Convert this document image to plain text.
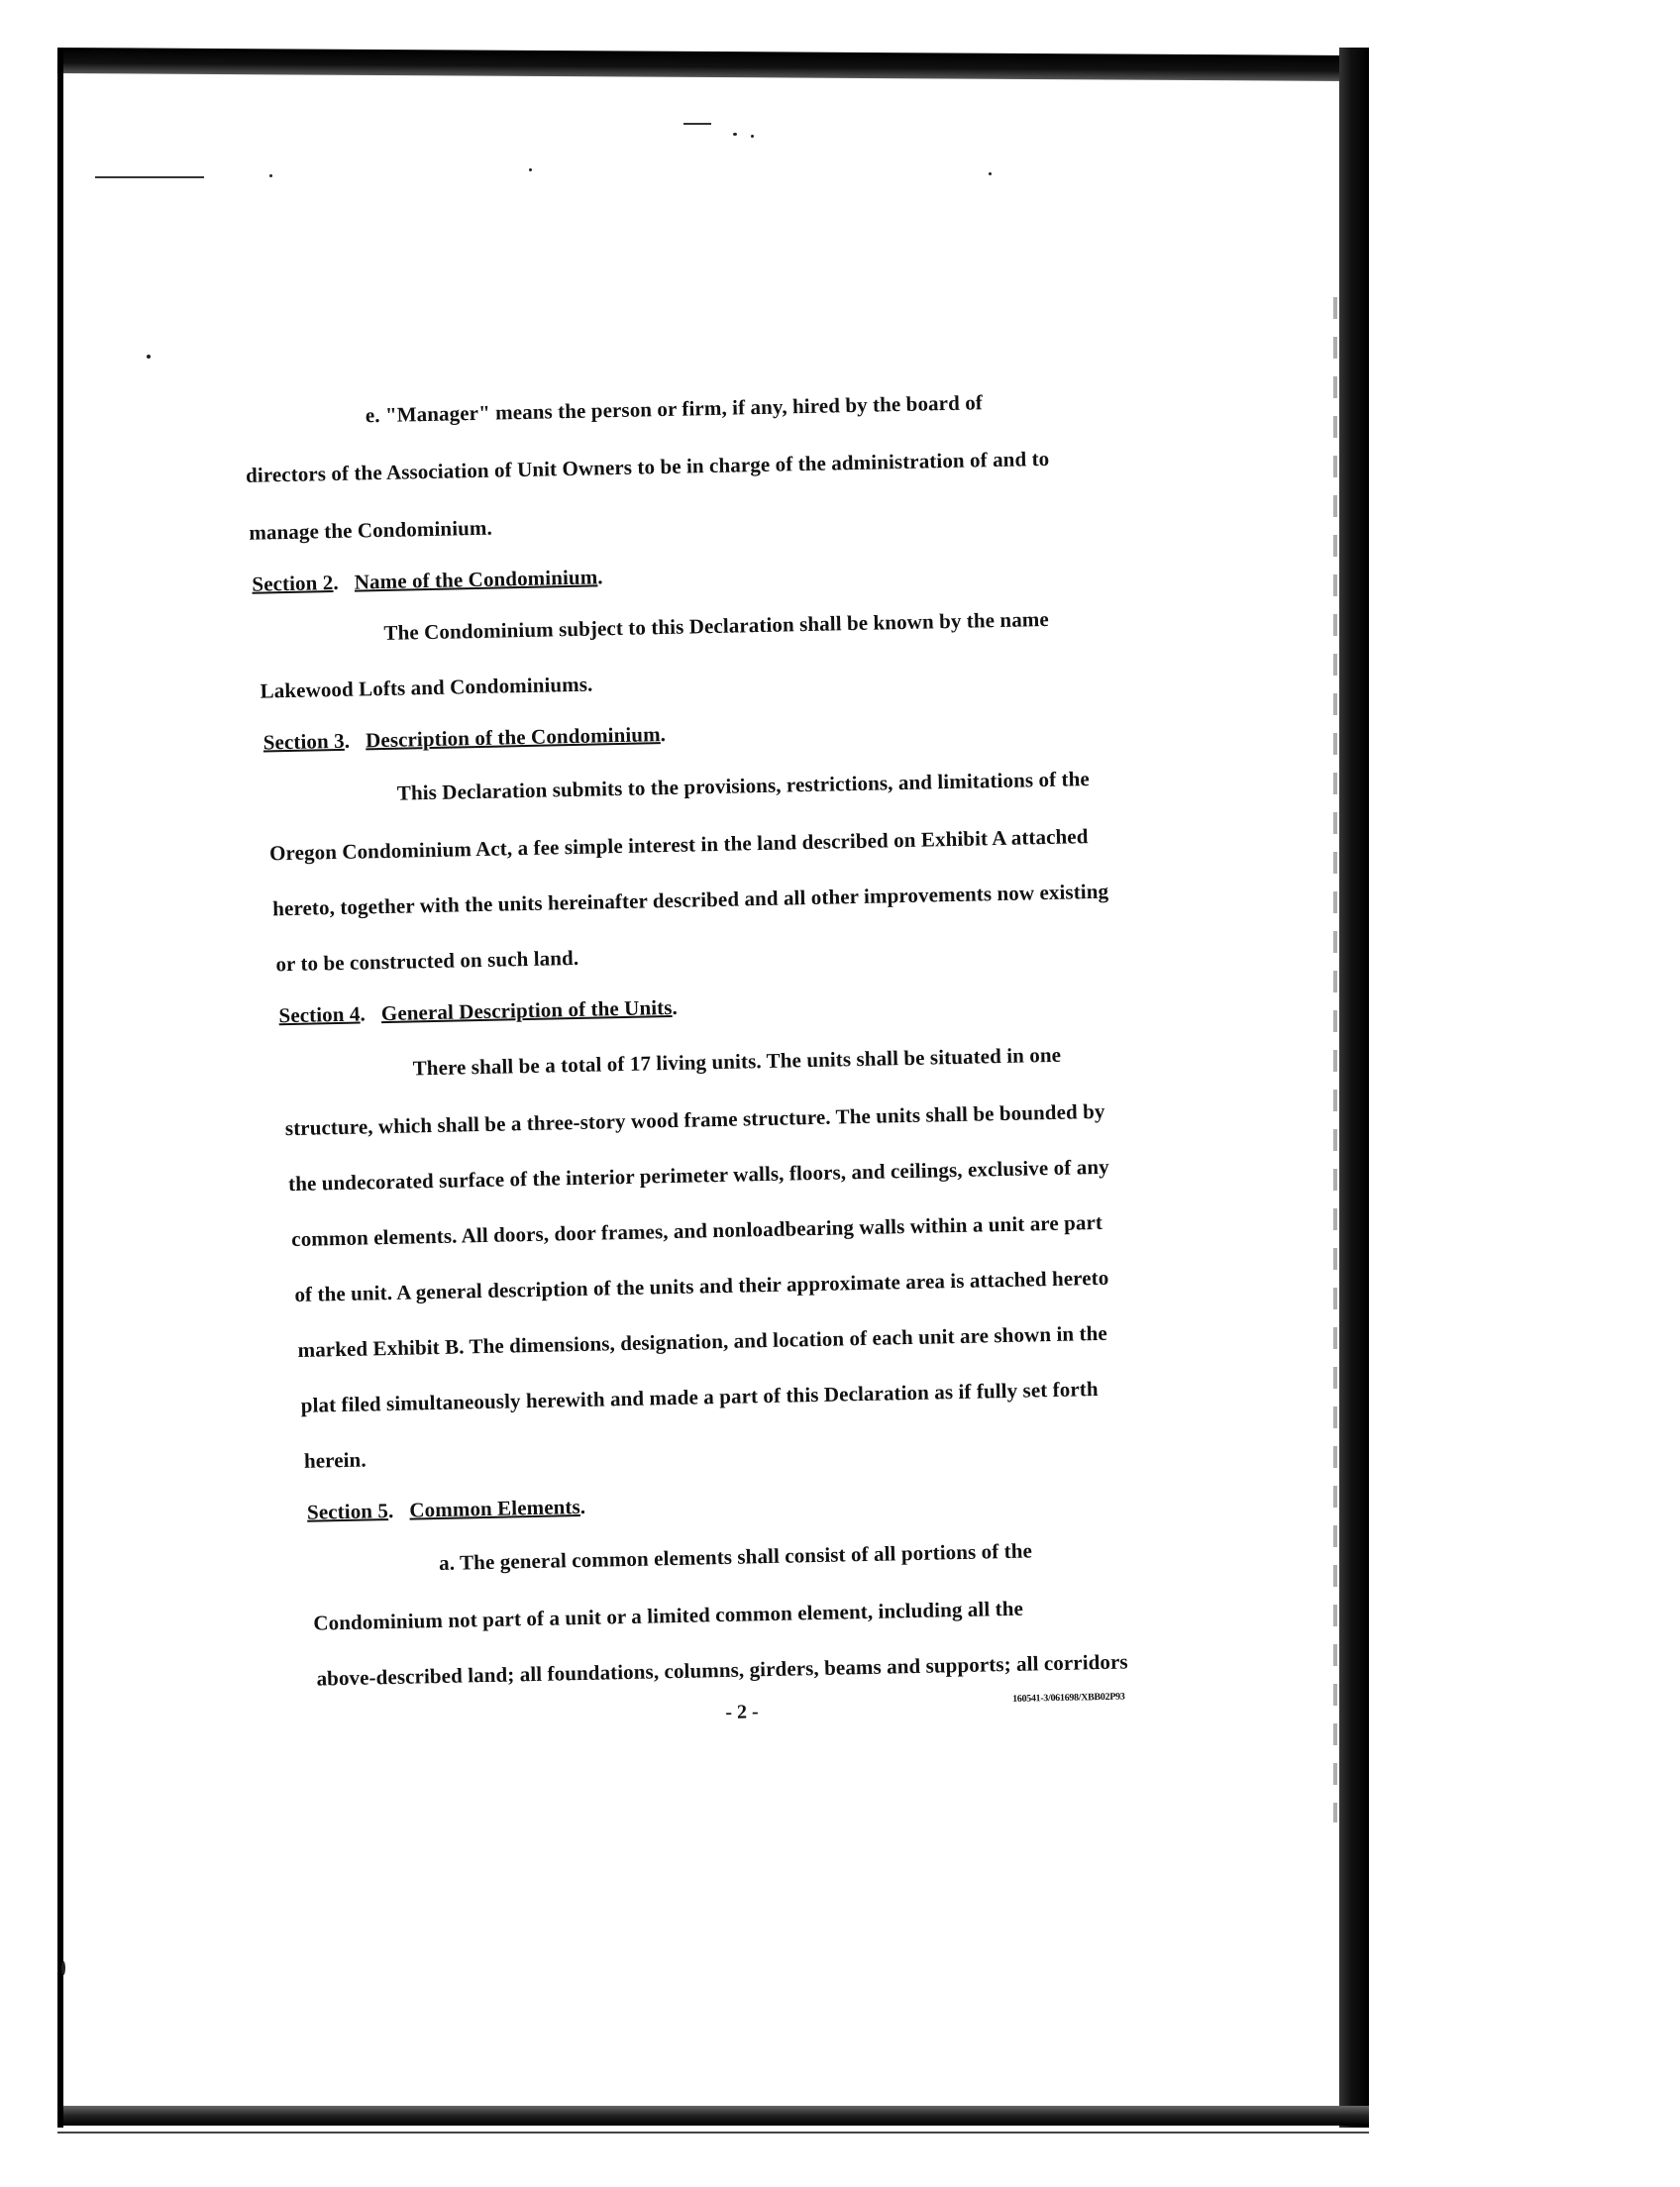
e. "Manager" means the person or firm, if any, hired by the board of
directors of the Association of Unit Owners to be in charge of the administration of and to
manage the Condominium.
Section 2.   Name of the Condominium.
The Condominium subject to this Declaration shall be known by the name
Lakewood Lofts and Condominiums.
Section 3.   Description of the Condominium.
This Declaration submits to the provisions, restrictions, and limitations of the
Oregon Condominium Act, a fee simple interest in the land described on Exhibit A attached
hereto, together with the units hereinafter described and all other improvements now existing
or to be constructed on such land.
Section 4.   General Description of the Units.
There shall be a total of 17 living units. The units shall be situated in one
structure, which shall be a three-story wood frame structure. The units shall be bounded by
the undecorated surface of the interior perimeter walls, floors, and ceilings, exclusive of any
common elements. All doors, door frames, and nonloadbearing walls within a unit are part
of the unit. A general description of the units and their approximate area is attached hereto
marked Exhibit B. The dimensions, designation, and location of each unit are shown in the
plat filed simultaneously herewith and made a part of this Declaration as if fully set forth
herein.
Section 5.   Common Elements.
a. The general common elements shall consist of all portions of the
Condominium not part of a unit or a limited common element, including all the
above-described land; all foundations, columns, girders, beams and supports; all corridors
- 2 -
160541-3/061698/XBB02P93
